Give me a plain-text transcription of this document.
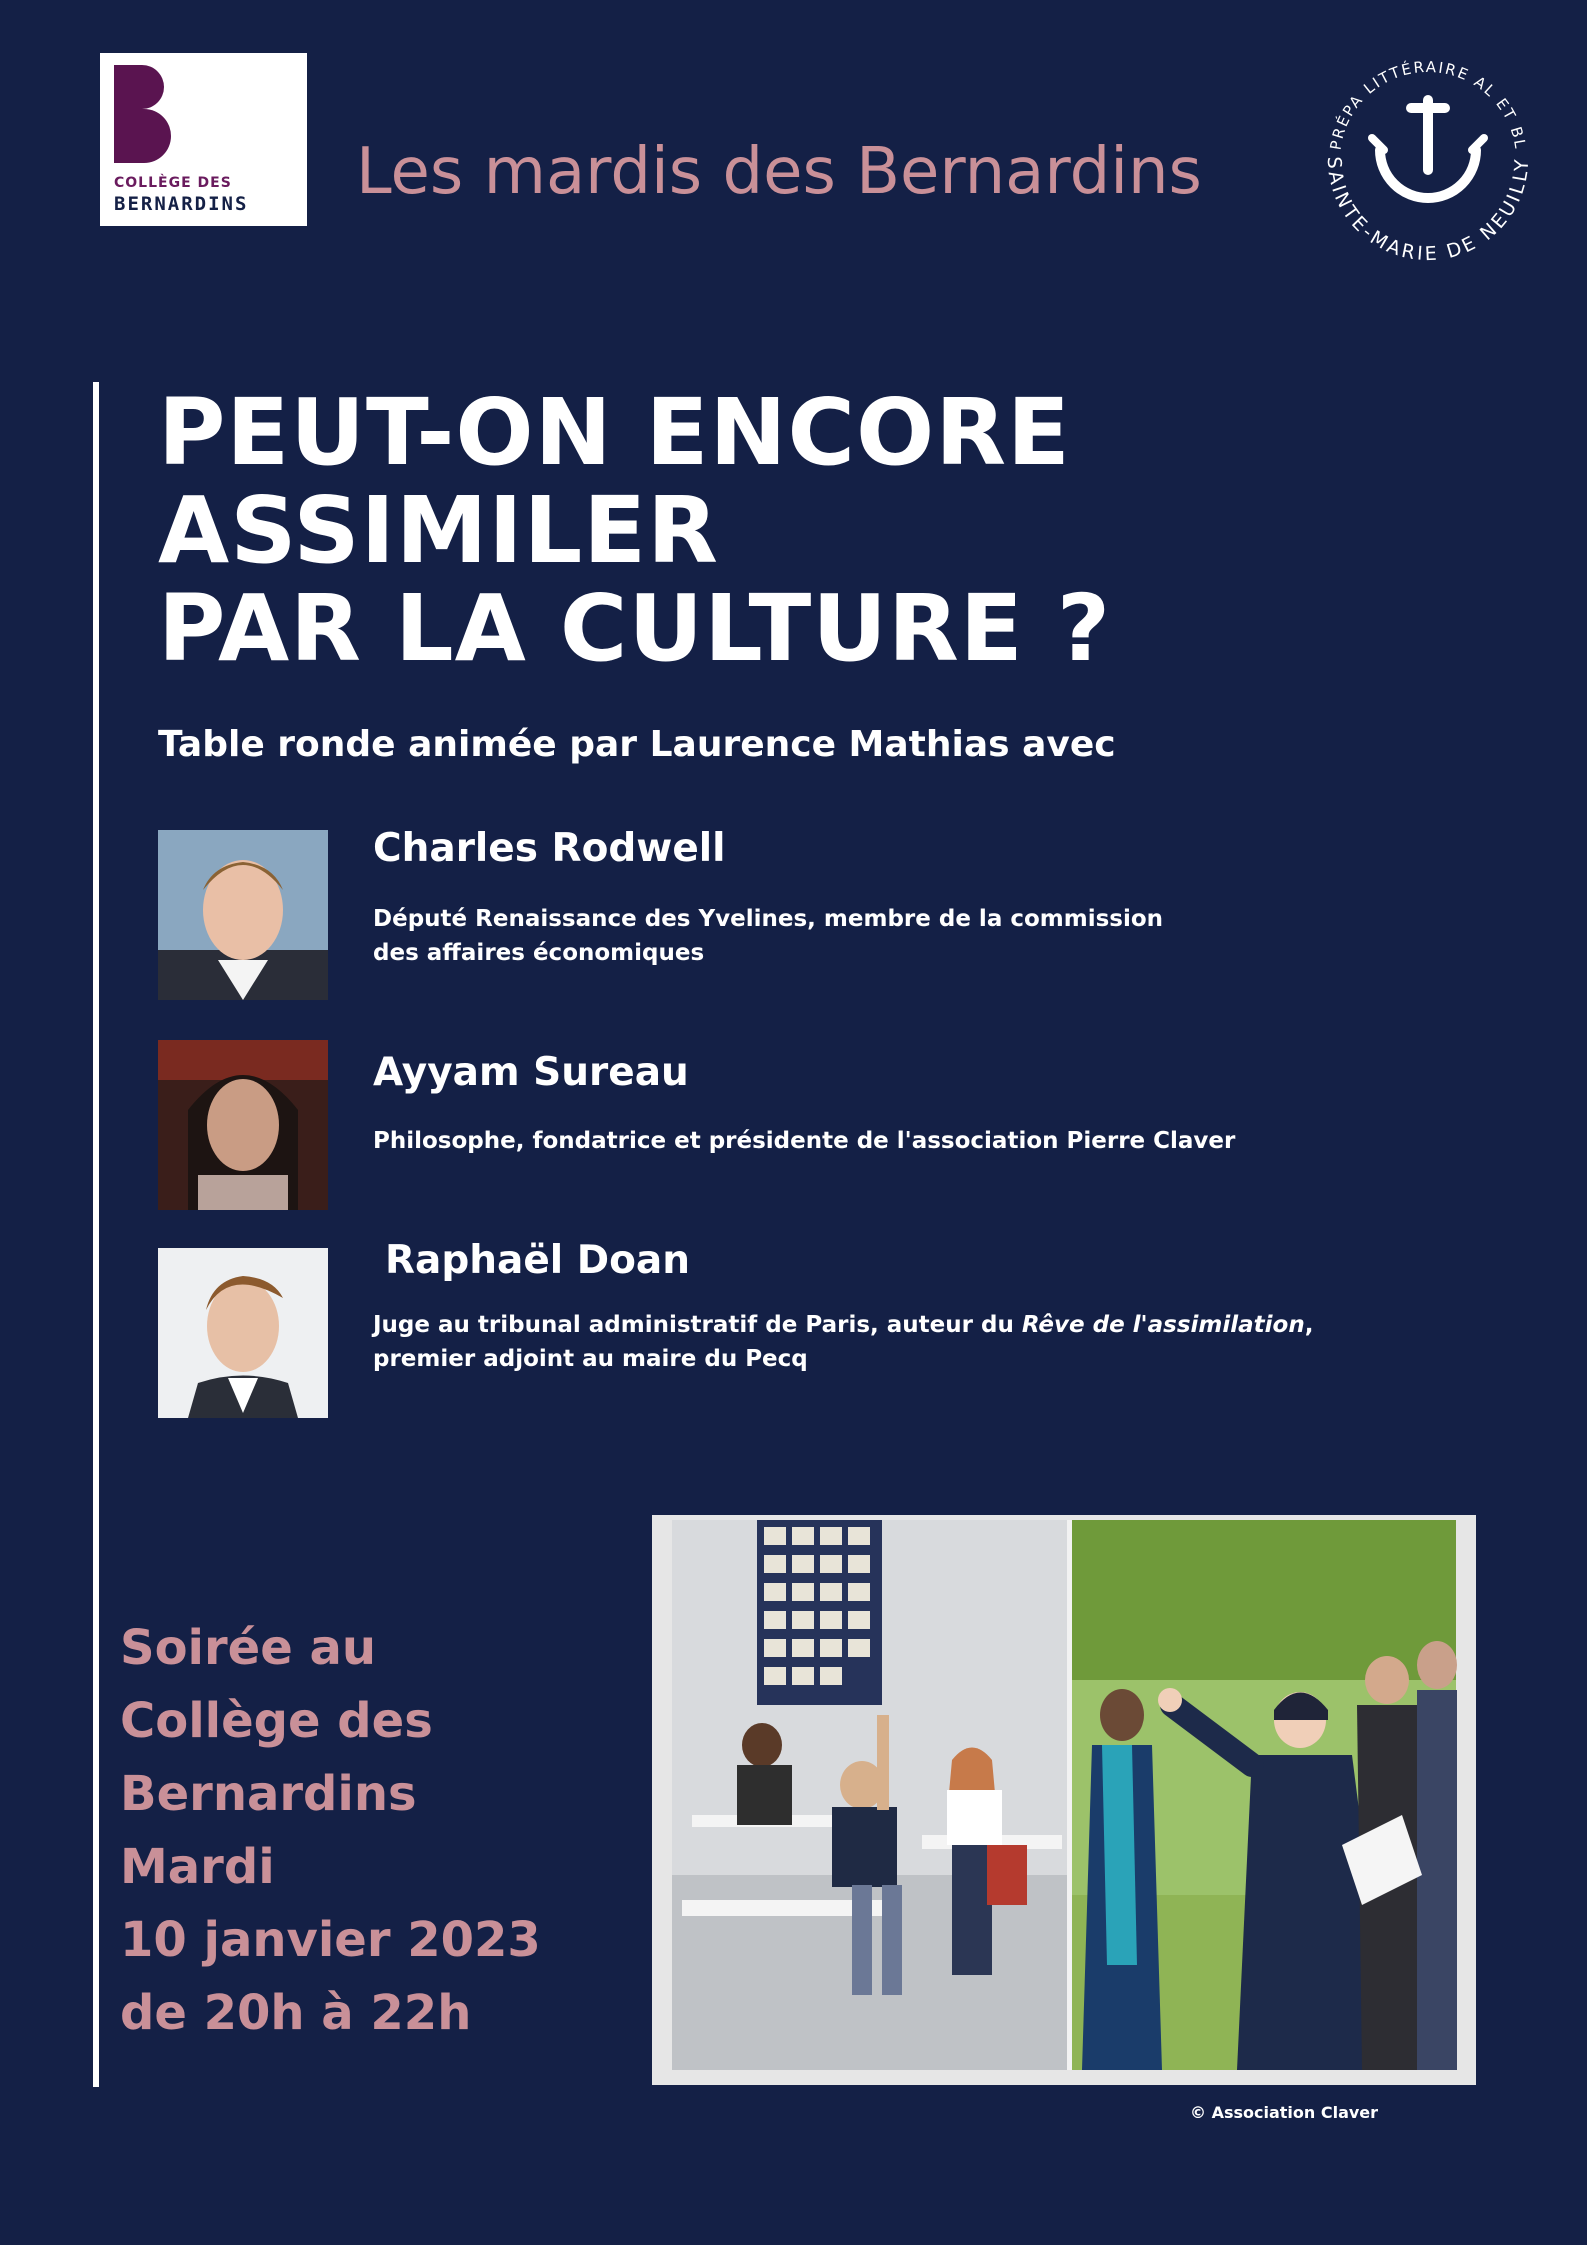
COLLÈGE DES
BERNARDINS Les mardis des Bernardins	PRÉPA LITTÉRAIRE AL ET BL
SAINTE-MARIE DE NEUILLY
PEUT-ON ENCORE
ASSIMILER
PAR LA CULTURE ?
Table ronde animée par Laurence Mathias avec
Charles Rodwell
Député Renaissance des Yvelines, membre de la commission
des affaires économiques
Ayyam Sureau
Philosophe, fondatrice et présidente de l'association Pierre Claver
Raphaël Doan
Juge au tribunal administratif de Paris, auteur du Rêve de l'assimilation,
premier adjoint au maire du Pecq
Soirée au
Collège des
Bernardins
Mardi
10 janvier 2023
de 20h à 22h
© Association Claver
